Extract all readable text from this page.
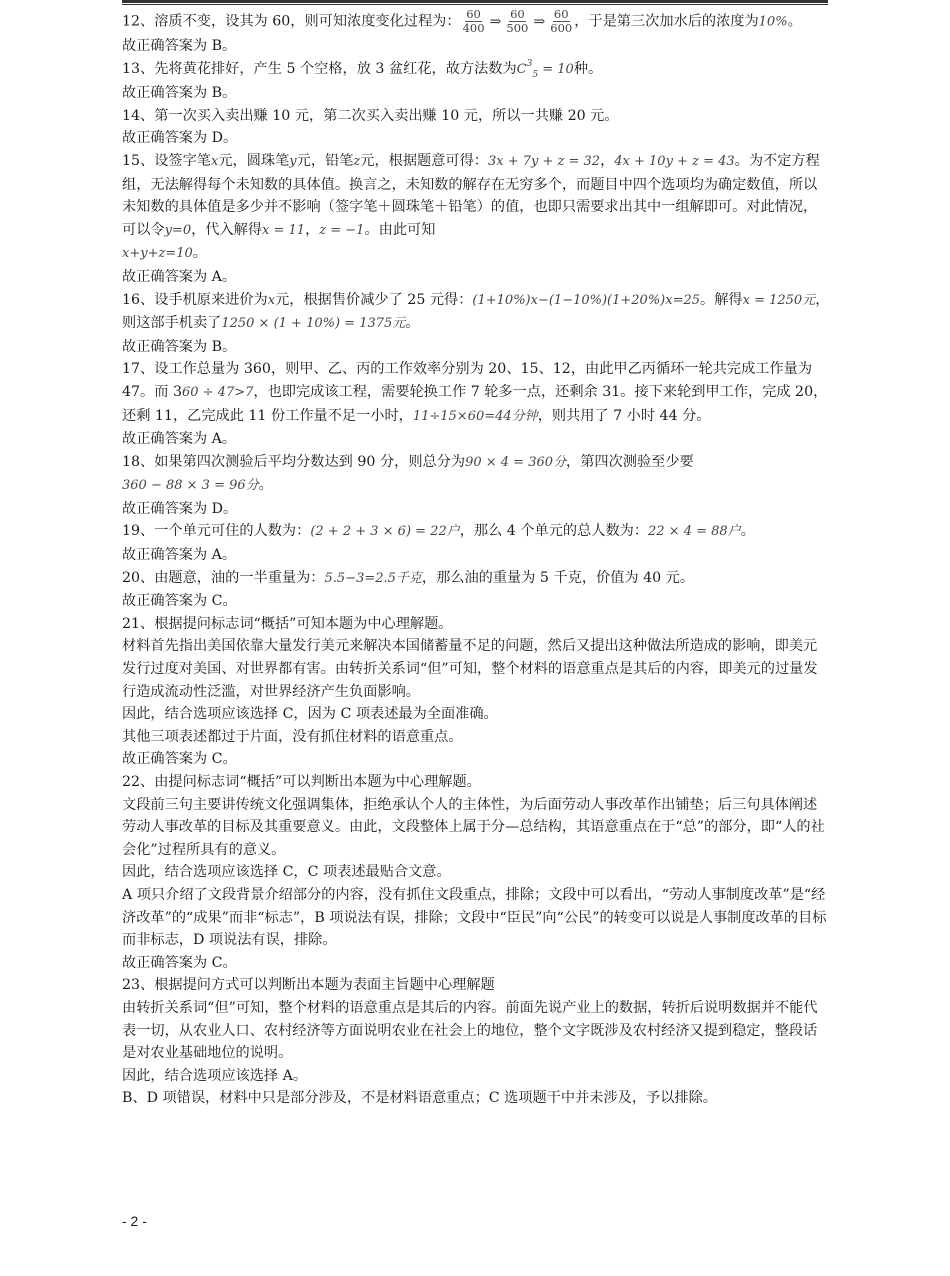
12、溶质不变，设其为 60，则可知浓度变化过程为： $\frac{60}{400}$ ⇒ $\frac{60}{500}$ ⇒ $\frac{60}{600}$ ，于是第三次加水后的浓度为10%。

故正确答案为 B。

13、先将黄花排好，产生 5 个空格，放 3 盆红花，故方法数为$C^3_5 = 10$种。

故正确答案为 B。

14、第一次买入卖出赚 10 元，第二次买入卖出赚 10 元，所以一共赚 20 元。

故正确答案为 D。

15、设签字笔x元，圆珠笔y元，铅笔z元，根据题意可得：3x + 7y + z = 32，4x + 10y + z = 43。为不定方程组，无法解得每个未知数的具体值。换言之，未知数的解存在无穷多个，而题目中四个选项均为确定数值，所以未知数的具体值是多少并不影响（签字笔＋圆珠笔＋铅笔）的值，也即只需要求出其中一组解即可。对此情况，可以令y=0，代入解得x = 11，z = −1。由此可知
x+y+z=10。

故正确答案为 A。

16、设手机原来进价为x元，根据售价减少了 25 元得：(1+10%)x−(1−10%)(1+20%)x=25。解得x = 1250元，则这部手机卖了1250 × (1 + 10%) = 1375元。

故正确答案为 B。

17、设工作总量为 360，则甲、乙、丙的工作效率分别为 20、15、12，由此甲乙丙循环一轮共完成工作量为 47。而 360 ÷ 47>7，也即完成该工程，需要轮换工作 7 轮多一点，还剩余 31。接下来轮到甲工作，完成 20，还剩 11，乙完成此 11 份工作量不足一小时，11÷15×60=44分钟，则共用了 7 小时 44 分。

故正确答案为 A。

18、如果第四次测验后平均分数达到 90 分，则总分为90 × 4 = 360分，第四次测验至少要
360 − 88 × 3 = 96分。

故正确答案为 D。

19、一个单元可住的人数为：(2 + 2 + 3 × 6) = 22户，那么 4 个单元的总人数为：22 × 4 = 88户。

故正确答案为 A。

20、由题意，油的一半重量为：5.5−3=2.5千克，那么油的重量为 5 千克，价值为 40 元。

故正确答案为 C。

21、根据提问标志词“概括”可知本题为中心理解题。

材料首先指出美国依靠大量发行美元来解决本国储蓄量不足的问题，然后又提出这种做法所造成的影响，即美元发行过度对美国、对世界都有害。由转折关系词“但”可知，整个材料的语意重点是其后的内容，即美元的过量发行造成流动性泛滥，对世界经济产生负面影响。

因此，结合选项应该选择 C，因为 C 项表述最为全面准确。

其他三项表述都过于片面，没有抓住材料的语意重点。

故正确答案为 C。

22、由提问标志词“概括”可以判断出本题为中心理解题。

文段前三句主要讲传统文化强调集体，拒绝承认个人的主体性，为后面劳动人事改革作出铺垫；后三句具体阐述劳动人事改革的目标及其重要意义。由此，文段整体上属于分—总结构，其语意重点在于“总”的部分，即“人的社会化”过程所具有的意义。

因此，结合选项应该选择 C，C 项表述最贴合文意。

A 项只介绍了文段背景介绍部分的内容，没有抓住文段重点，排除；文段中可以看出，“劳动人事制度改革”是“经济改革”的“成果”而非“标志”，B 项说法有误，排除；文段中“臣民”向“公民”的转变可以说是人事制度改革的目标而非标志，D 项说法有误，排除。

故正确答案为 C。

23、根据提问方式可以判断出本题为表面主旨题中心理解题

由转折关系词“但”可知，整个材料的语意重点是其后的内容。前面先说产业上的数据，转折后说明数据并不能代表一切，从农业人口、农村经济等方面说明农业在社会上的地位，整个文字既涉及农村经济又提到稳定，整段话是对农业基础地位的说明。

因此，结合选项应该选择 A。

B、D 项错误，材料中只是部分涉及，不是材料语意重点；C 选项题干中并未涉及，予以排除。

- 2 -
